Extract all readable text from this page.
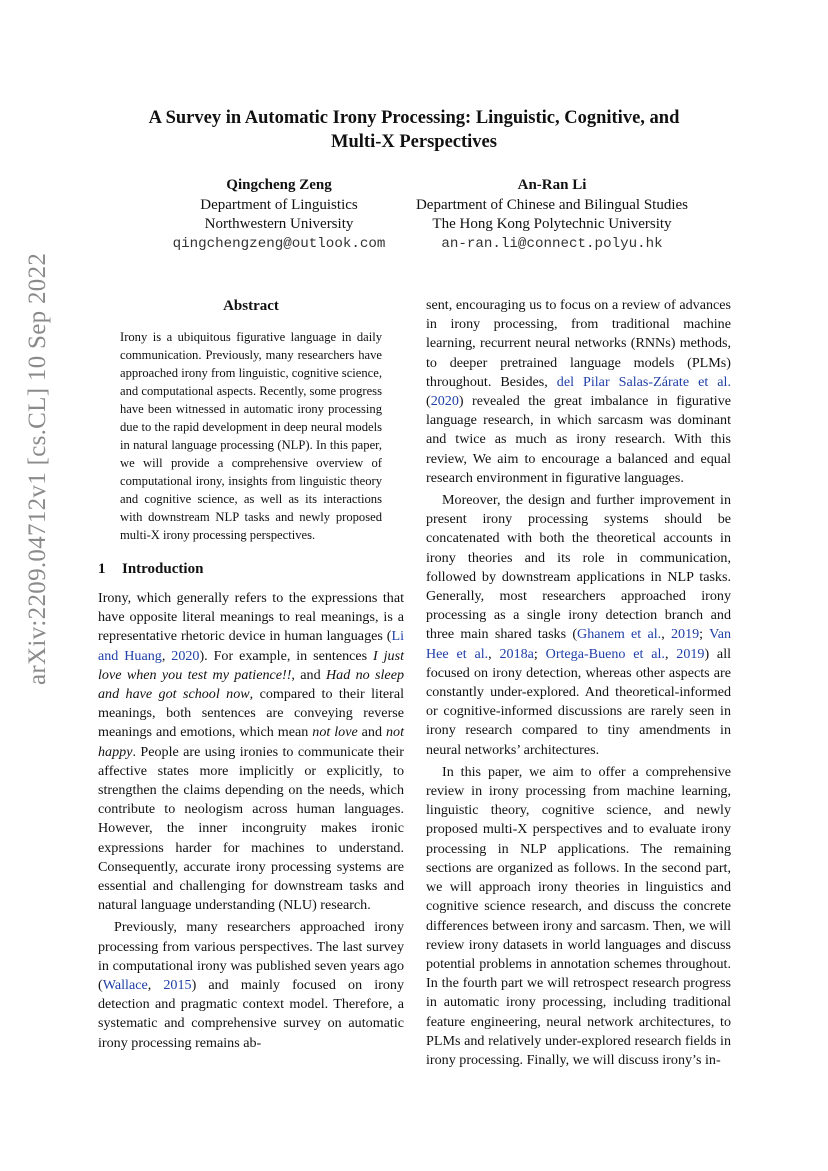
arXiv:2209.04712v1 [cs.CL] 10 Sep 2022
A Survey in Automatic Irony Processing: Linguistic, Cognitive, and
Multi-X Perspectives
Qingcheng Zeng
Department of Linguistics
Northwestern University
qingchengzeng@outlook.com
An-Ran Li
Department of Chinese and Bilingual Studies
The Hong Kong Polytechnic University
an-ran.li@connect.polyu.hk
Abstract
Irony is a ubiquitous figurative language in daily communication. Previously, many researchers have approached irony from linguistic, cognitive science, and computational aspects. Recently, some progress have been witnessed in automatic irony processing due to the rapid development in deep neural models in natural language processing (NLP). In this paper, we will provide a comprehensive overview of computational irony, insights from linguistic theory and cognitive science, as well as its interactions with downstream NLP tasks and newly proposed multi-X irony processing perspectives.
1 Introduction

Irony, which generally refers to the expressions that have opposite literal meanings to real meanings, is a representative rhetoric device in human languages (Li and Huang, 2020). For example, in sentences I just love when you test my patience!!, and Had no sleep and have got school now, compared to their literal meanings, both sentences are conveying reverse meanings and emotions, which mean not love and not happy. People are using ironies to communicate their affective states more implicitly or explicitly, to strengthen the claims depending on the needs, which contribute to neologism across human languages. However, the inner incongruity makes ironic expressions harder for machines to understand. Consequently, accurate irony processing systems are essential and challenging for downstream tasks and natural language understanding (NLU) research.

Previously, many researchers approached irony processing from various perspectives. The last survey in computational irony was published seven years ago (Wallace, 2015) and mainly focused on irony detection and pragmatic context model. Therefore, a systematic and comprehensive survey on automatic irony processing remains ab-

sent, encouraging us to focus on a review of advances in irony processing, from traditional machine learning, recurrent neural networks (RNNs) methods, to deeper pretrained language models (PLMs) throughout. Besides, del Pilar Salas-Zárate et al. (2020) revealed the great imbalance in figurative language research, in which sarcasm was dominant and twice as much as irony research. With this review, We aim to encourage a balanced and equal research environment in figurative languages.

Moreover, the design and further improvement in present irony processing systems should be concatenated with both the theoretical accounts in irony theories and its role in communication, followed by downstream applications in NLP tasks. Generally, most researchers approached irony processing as a single irony detection branch and three main shared tasks (Ghanem et al., 2019; Van Hee et al., 2018a; Ortega-Bueno et al., 2019) all focused on irony detection, whereas other aspects are constantly under-explored. And theoretical-informed or cognitive-informed discussions are rarely seen in irony research compared to tiny amendments in neural networks’ architectures.

In this paper, we aim to offer a comprehensive review in irony processing from machine learning, linguistic theory, cognitive science, and newly proposed multi-X perspectives and to evaluate irony processing in NLP applications. The remaining sections are organized as follows. In the second part, we will approach irony theories in linguistics and cognitive science research, and discuss the concrete differences between irony and sarcasm. Then, we will review irony datasets in world languages and discuss potential problems in annotation schemes throughout. In the fourth part we will retrospect research progress in automatic irony processing, including traditional feature engineering, neural network architectures, to PLMs and relatively under-explored research fields in irony processing. Finally, we will discuss irony’s in-
